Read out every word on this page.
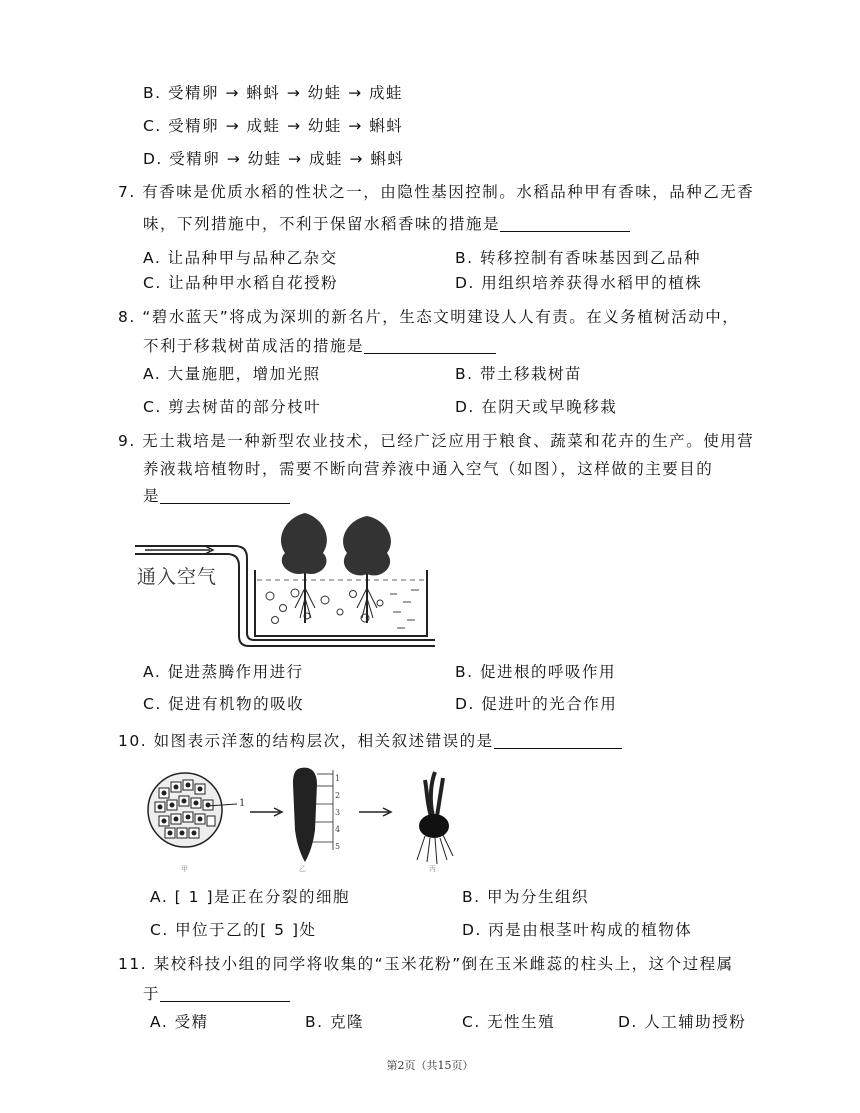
B. 受精卵 → 蝌蚪 → 幼蛙 → 成蛙
C. 受精卵 → 成蛙 → 幼蛙 → 蝌蚪
D. 受精卵 → 幼蛙 → 成蛙 → 蝌蚪
7. 有香味是优质水稻的性状之一，由隐性基因控制。水稻品种甲有香味，品种乙无香
味，下列措施中，不利于保留水稻香味的措施是
A. 让品种甲与品种乙杂交	B. 转移控制有香味基因到乙品种
C. 让品种甲水稻自花授粉	D. 用组织培养获得水稻甲的植株
8. “碧水蓝天”将成为深圳的新名片，生态文明建设人人有责。在义务植树活动中，
不利于移栽树苗成活的措施是
A. 大量施肥，增加光照	B. 带土移栽树苗
C. 剪去树苗的部分枝叶	D. 在阴天或早晚移栽
9. 无土栽培是一种新型农业技术，已经广泛应用于粮食、蔬菜和花卉的生产。使用营
养液栽培植物时，需要不断向营养液中通入空气（如图），这样做的主要目的
是
通入空气
A. 促进蒸腾作用进行	B. 促进根的呼吸作用
C. 促进有机物的吸收	D. 促进叶的光合作用
10. 如图表示洋葱的结构层次，相关叙述错误的是
1
1
2
3
4
5
甲	乙	丙
A. [ 1 ]是正在分裂的细胞	B. 甲为分生组织
C. 甲位于乙的[ 5 ]处	D. 丙是由根茎叶构成的植物体
11. 某校科技小组的同学将收集的“玉米花粉”倒在玉米雌蕊的柱头上，这个过程属
于
A. 受精	B. 克隆	C. 无性生殖	D. 人工辅助授粉
第2页（共15页）
